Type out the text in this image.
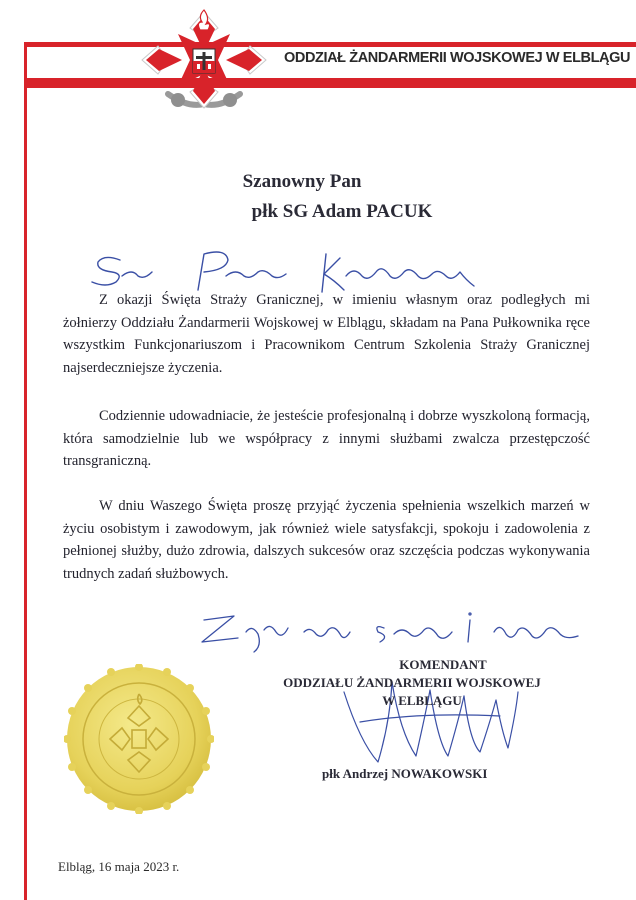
ODDZIAŁ ŻANDARMERII WOJSKOWEJ W ELBLĄGU
Szanowny Pan
płk SG Adam PACUK

Z okazji Święta Straży Granicznej, w imieniu własnym oraz podległych mi żołnierzy Oddziału Żandarmerii Wojskowej w Elblągu, składam na Pana Pułkownika ręce wszystkim Funkcjonariuszom i Pracownikom Centrum Szkolenia Straży Granicznej najserdeczniejsze życzenia.

Codziennie udowadniacie, że jesteście profesjonalną i dobrze wyszkoloną formacją, która samodzielnie lub we współpracy z innymi służbami zwalcza przestępczość transgraniczną.

W dniu Waszego Święta proszę przyjąć życzenia spełnienia wszelkich marzeń w życiu osobistym i zawodowym, jak również wiele satysfakcji, spokoju i zadowolenia z pełnionej służby, dużo zdrowia, dalszych sukcesów oraz szczęścia podczas wykonywania trudnych zadań służbowych.

KOMENDANT
ODDZIAŁU ŻANDARMERII WOJSKOWEJ
W ELBLĄGU
płk Andrzej NOWAKOWSKI
Elbląg, 16 maja 2023 r.
